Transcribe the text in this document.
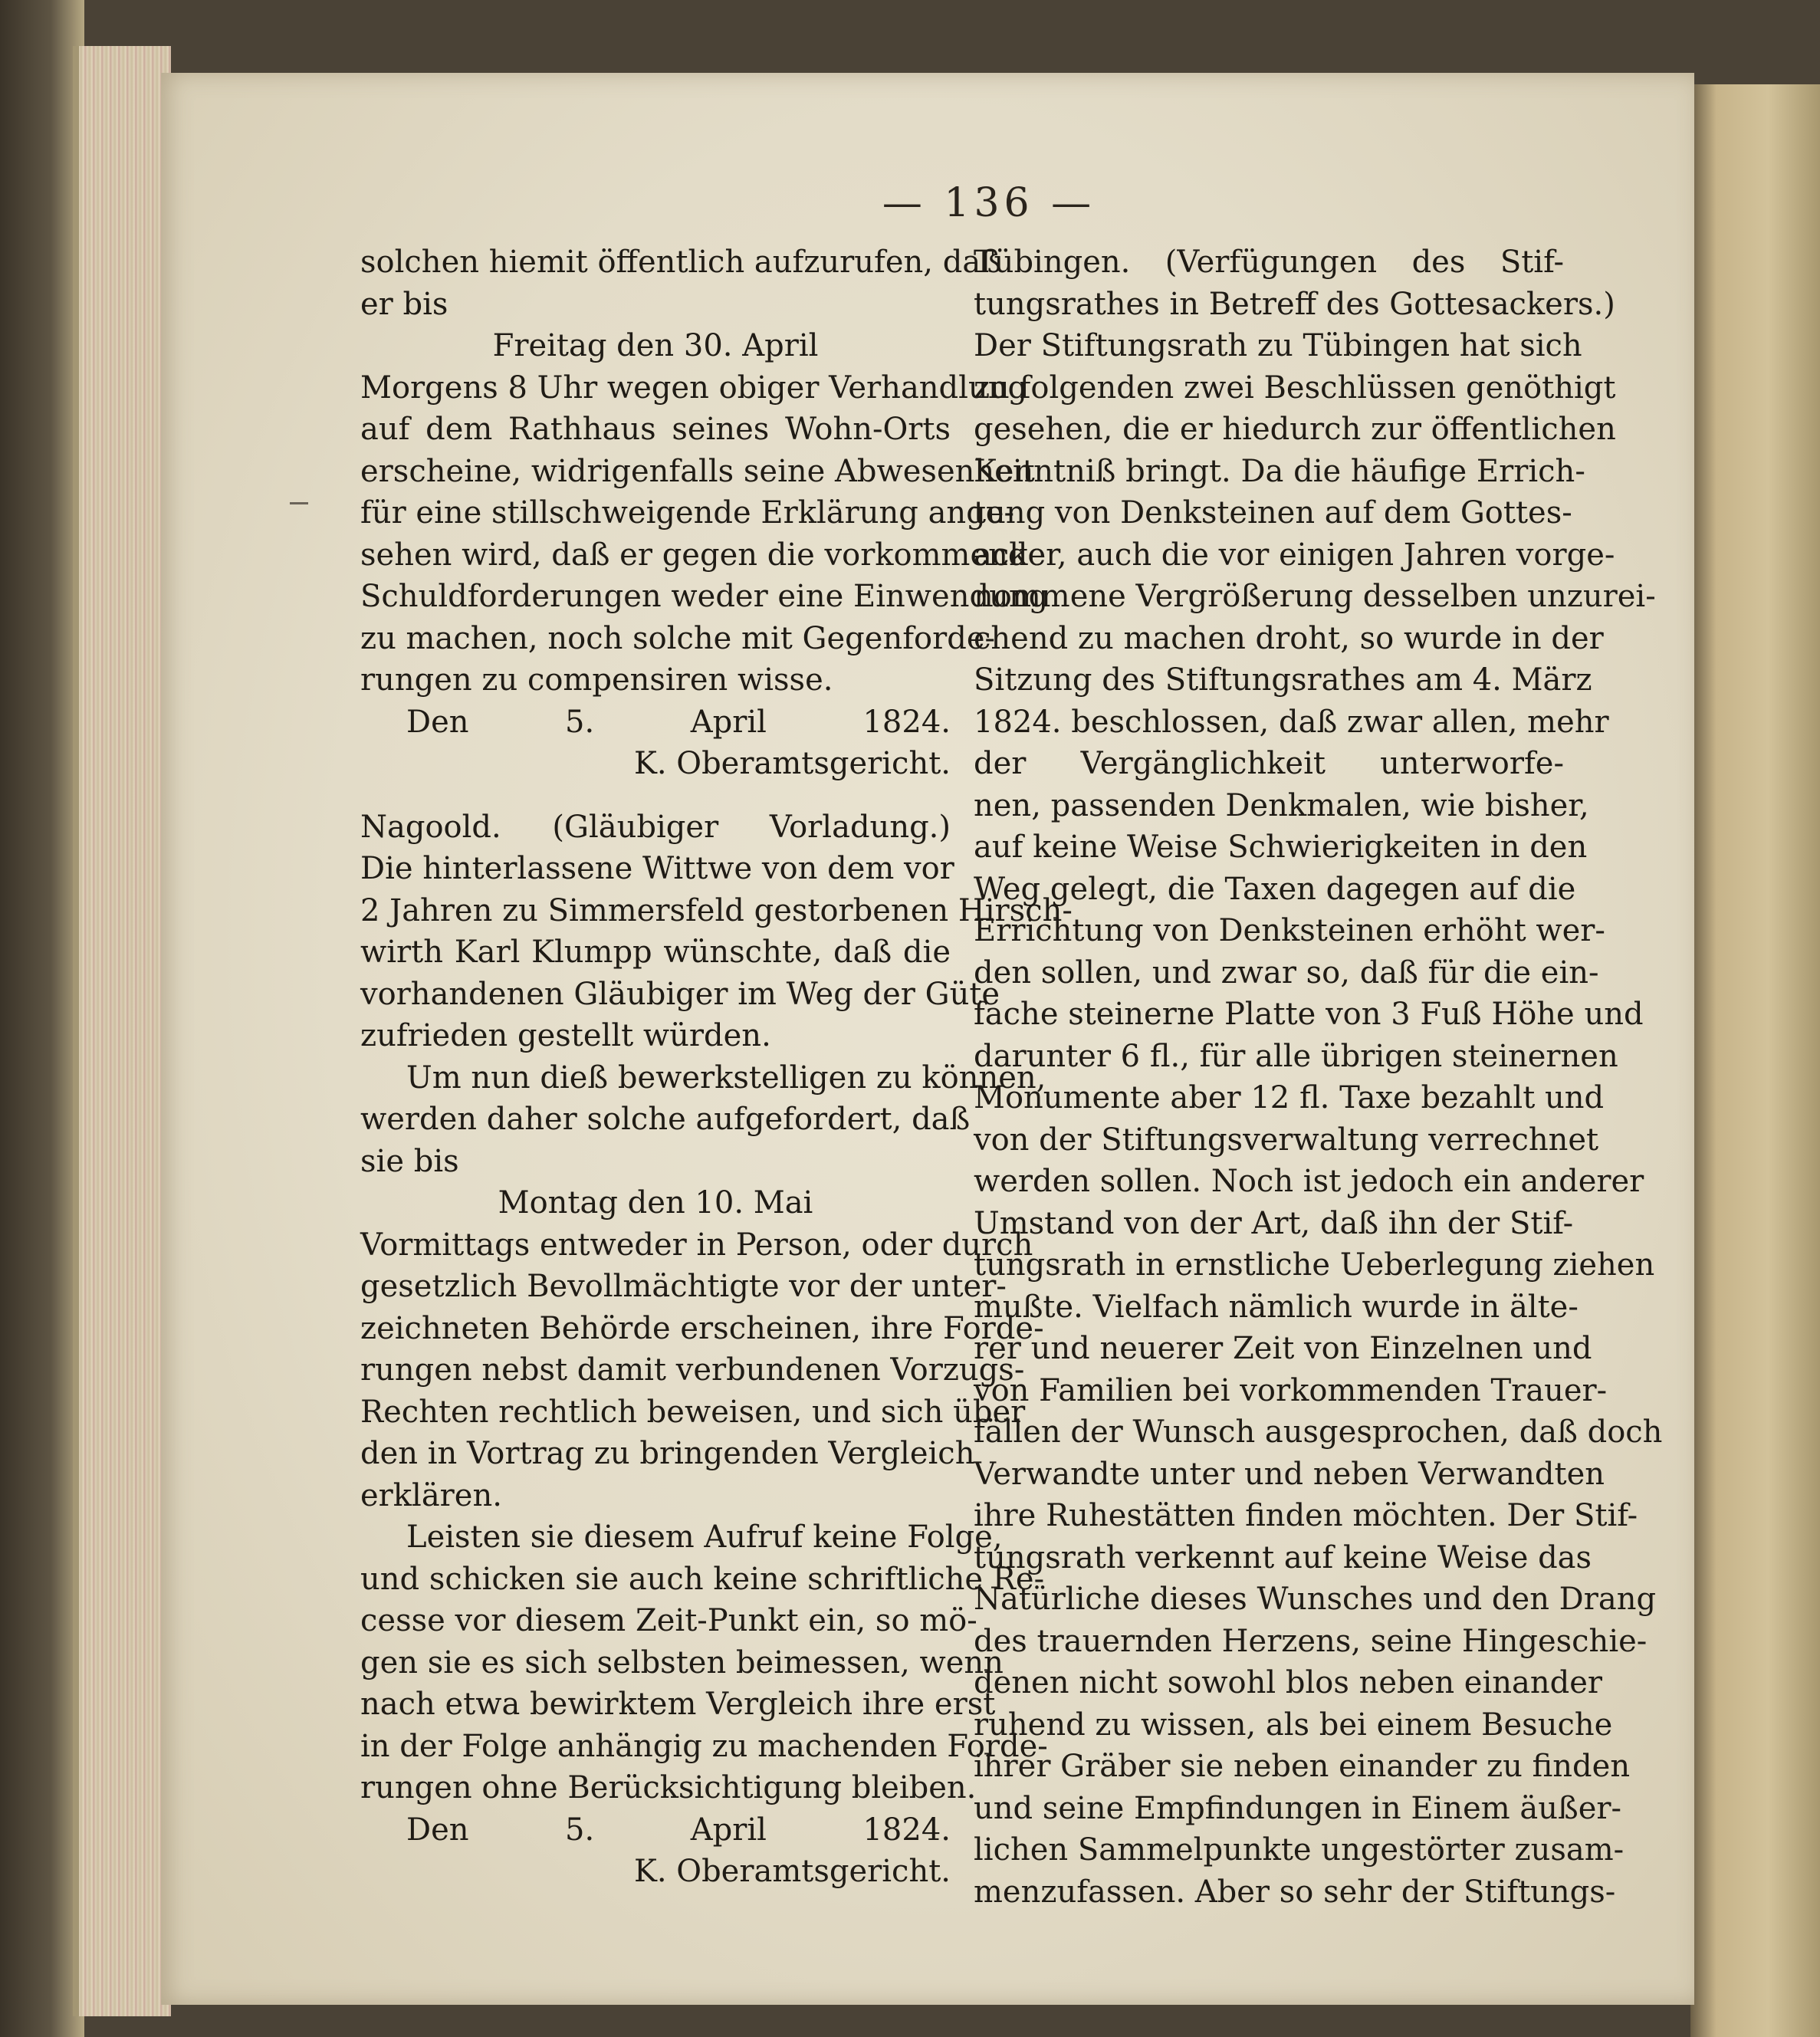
— 136 —
solchen hiemit öffentlich aufzurufen, daß
er bis
Freitag den 30. April
Morgens 8 Uhr wegen obiger Verhandlung
auf dem Rathhaus seines Wohn-Orts
erscheine, widrigenfalls seine Abwesenheit
für eine stillschweigende Erklärung ange-
sehen wird, daß er gegen die vorkommende
Schuldforderungen weder eine Einwendung
zu machen, noch solche mit Gegenforde-
rungen zu compensiren wisse.
Den 5. April 1824.
K. Oberamtsgericht.
Nagoold. (Gläubiger Vorladung.)
Die hinterlassene Wittwe von dem vor
2 Jahren zu Simmersfeld gestorbenen Hirsch-
wirth Karl Klumpp wünschte, daß die
vorhandenen Gläubiger im Weg der Güte
zufrieden gestellt würden.
Um nun dieß bewerkstelligen zu können,
werden daher solche aufgefordert, daß
sie bis
Montag den 10. Mai
Vormittags entweder in Person, oder durch
gesetzlich Bevollmächtigte vor der unter-
zeichneten Behörde erscheinen, ihre Forde-
rungen nebst damit verbundenen Vorzugs-
Rechten rechtlich beweisen, und sich über
den in Vortrag zu bringenden Vergleich
erklären.
Leisten sie diesem Aufruf keine Folge,
und schicken sie auch keine schriftliche Re-
cesse vor diesem Zeit-Punkt ein, so mö-
gen sie es sich selbsten beimessen, wenn
nach etwa bewirktem Vergleich ihre erst
in der Folge anhängig zu machenden Forde-
rungen ohne Berücksichtigung bleiben.
Den 5. April 1824.
K. Oberamtsgericht.
Tübingen. (Verfügungen des Stif-
tungsrathes in Betreff des Gottesackers.)
Der Stiftungsrath zu Tübingen hat sich
zu folgenden zwei Beschlüssen genöthigt
gesehen, die er hiedurch zur öffentlichen
Kenntniß bringt. Da die häufige Errich-
tung von Denksteinen auf dem Gottes-
acker, auch die vor einigen Jahren vorge-
nommene Vergrößerung desselben unzurei-
chend zu machen droht, so wurde in der
Sitzung des Stiftungsrathes am 4. März
1824. beschlossen, daß zwar allen, mehr
der Vergänglichkeit unterworfe-
nen, passenden Denkmalen, wie bisher,
auf keine Weise Schwierigkeiten in den
Weg gelegt, die Taxen dagegen auf die
Errichtung von Denksteinen erhöht wer-
den sollen, und zwar so, daß für die ein-
fache steinerne Platte von 3 Fuß Höhe und
darunter 6 fl., für alle übrigen steinernen
Monumente aber 12 fl. Taxe bezahlt und
von der Stiftungsverwaltung verrechnet
werden sollen. Noch ist jedoch ein anderer
Umstand von der Art, daß ihn der Stif-
tungsrath in ernstliche Ueberlegung ziehen
mußte. Vielfach nämlich wurde in älte-
rer und neuerer Zeit von Einzelnen und
von Familien bei vorkommenden Trauer-
fällen der Wunsch ausgesprochen, daß doch
Verwandte unter und neben Verwandten
ihre Ruhestätten finden möchten. Der Stif-
tungsrath verkennt auf keine Weise das
Natürliche dieses Wunsches und den Drang
des trauernden Herzens, seine Hingeschie-
denen nicht sowohl blos neben einander
ruhend zu wissen, als bei einem Besuche
ihrer Gräber sie neben einander zu finden
und seine Empfindungen in Einem äußer-
lichen Sammelpunkte ungestörter zusam-
menzufassen. Aber so sehr der Stiftungs-
